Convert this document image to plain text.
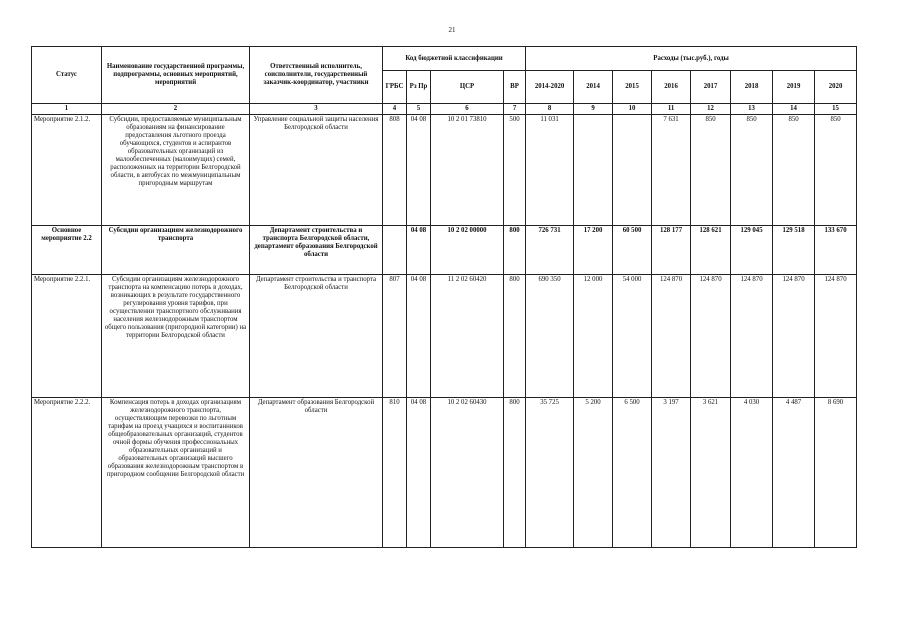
21
Статус	Наименование государственной программы, подпрограммы, основных мероприятий, мероприятий	Ответственный исполнитель, соисполнители, государственный заказчик-координатор, участники	Код бюджетной классификации				Расходы (тыс.руб.), годы							
			ГРБС	Рз Пр	ЦСР	ВР	2014-2020	2014	2015	2016	2017	2018	2019	2020
1	2	3	4	5	6	7	8	9	10	11	12	13	14	15
Мероприятие 2.1.2.	Субсидии, предоставляемые муниципальным образованиям на финансирование предоставления льготного проезда обучающихся, студентов и аспирантов образовательных организаций из малообеспеченных (малоимущих) семей, расположенных на территории Белгородской области, в автобусах по межмуниципальным пригородным маршрутам	Управление социальной защиты населения Белгородской области	808	04 08	10 2 01 73810	500	11 031			7 631	850	850	850	850
Основное мероприятие 2.2	Субсидии организациям железнодорожного транспорта	Департамент строительства и транспорта Белгородской области, департамент образования Белгородской области		04 08	10 2 02 00000	800	726 731	17 200	60 500	128 177	128 621	129 045	129 518	133 670
Мероприятие 2.2.1.	Субсидии организациям железнодорожного транспорта на компенсацию потерь в доходах, возникающих в результате государственного регулирования уровня тарифов, при осуществлении транспортного обслуживания населения железнодорожным транспортом общего пользования (пригородной категории) на территории Белгородской области	Департамент строительства и транспорта Белгородской области	807	04 08	11 2 02 60420	800	690 350	12 000	54 000	124 870	124 870	124 870	124 870	124 870
Мероприятие 2.2.2.	Компенсация потерь в доходах организациям железнодорожного транспорта, осуществляющим перевозки по льготным тарифам на проезд учащихся и воспитанников общеобразовательных организаций, студентов очной формы обучения профессиональных образовательных организаций и образовательных организаций высшего образования железнодорожным транспортом в пригородном сообщении Белгородской области	Департамент образования Белгородской области	810	04 08	10 2 02 60430	800	35 725	5 200	6 500	3 197	3 621	4 030	4 487	8 690
